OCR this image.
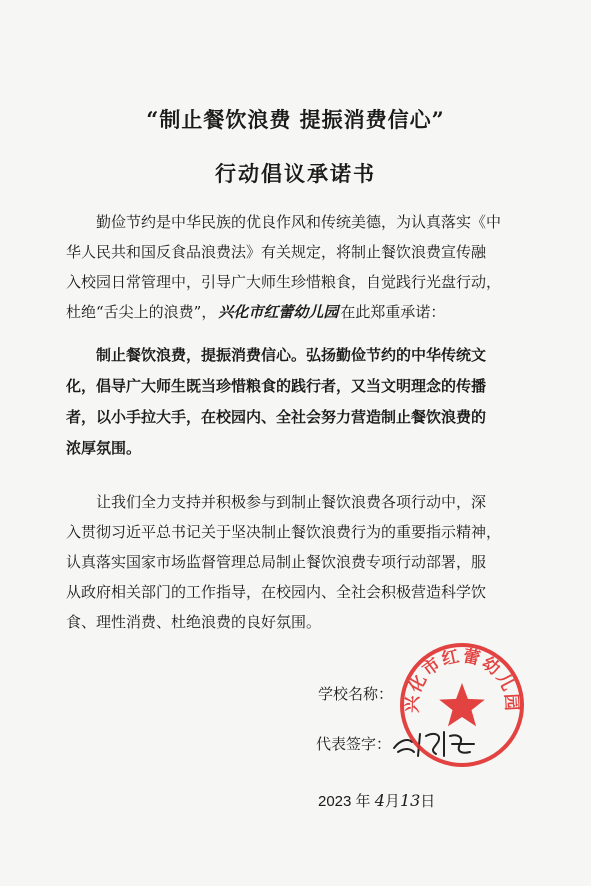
“制止餐饮浪费 提振消费信心”
行动倡议承诺书

勤俭节约是中华民族的优良作风和传统美德，为认真落实《中

华人民共和国反食品浪费法》有关规定，将制止餐饮浪费宣传融

入校园日常管理中，引导广大师生珍惜粮食，自觉践行光盘行动，

杜绝“舌尖上的浪费”， 兴化市红蕾幼儿园 在此郑重承诺：

制止餐饮浪费，提振消费信心。弘扬勤俭节约的中华传统文

化，倡导广大师生既当珍惜粮食的践行者，又当文明理念的传播

者，以小手拉大手，在校园内、全社会努力营造制止餐饮浪费的

浓厚氛围。

让我们全力支持并积极参与到制止餐饮浪费各项行动中，深

入贯彻习近平总书记关于坚决制止餐饮浪费行为的重要指示精神，

认真落实国家市场监督管理总局制止餐饮浪费专项行动部署，服

从政府相关部门的工作指导，在校园内、全社会积极营造科学饮

食、理性消费、杜绝浪费的良好氛围。

学校名称：
代表签字：
2023 年 4月13日
兴化市红蕾幼儿园
